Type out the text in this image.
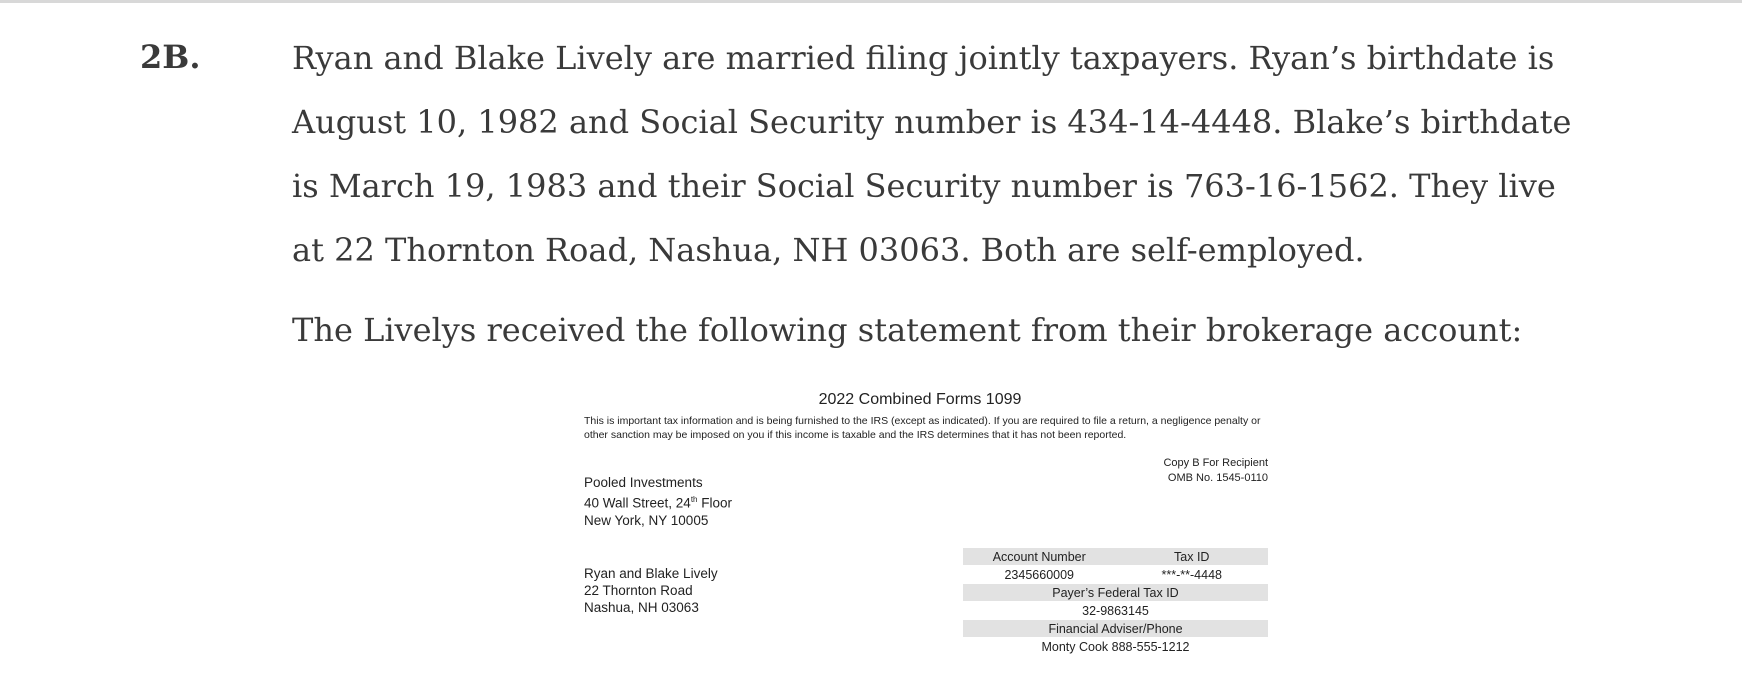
2B.	Ryan and Blake Lively are married filing jointly taxpayers. Ryan’s birthdate is August 10, 1982 and Social Security number is 434-14-4448. Blake’s birthdate is March 19, 1983 and their Social Security number is 763-16-1562. They live at 22 Thornton Road, Nashua, NH 03063. Both are self-employed.

The Livelys received the following statement from their brokerage account:

2022 Combined Forms 1099
This is important tax information and is being furnished to the IRS (except as indicated). If you are required to file a return, a negligence penalty or other sanction may be imposed on you if this income is taxable and the IRS determines that it has not been reported.
Copy B For Recipient
OMB No. 1545-0110
Pooled Investments
40 Wall Street, 24th Floor
New York, NY 10005
Ryan and Blake Lively
22 Thornton Road
Nashua, NH 03063
Account Number	Tax ID
2345660009	***-**-4448
Payer’s Federal Tax ID
32-9863145
Financial Adviser/Phone
Monty Cook 888-555-1212
